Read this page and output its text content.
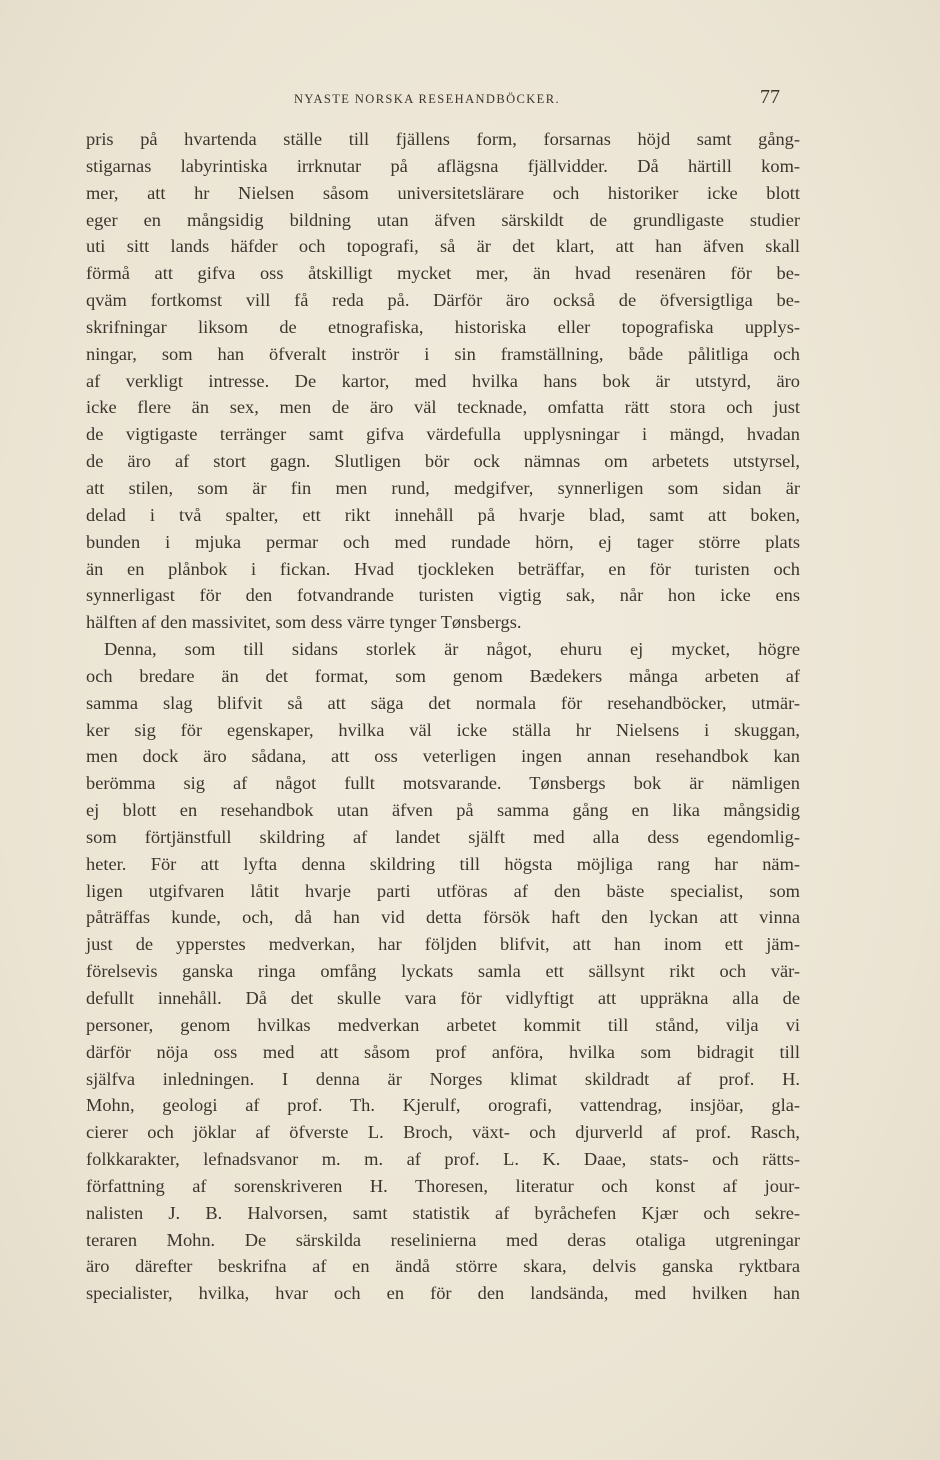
NYASTE NORSKA RESEHANDBÖCKER.	77
pris på hvartenda ställe till fjällens form, forsarnas höjd samt gång-
stigarnas labyrintiska irrknutar på aflägsna fjällvidder. Då härtill kom-
mer, att hr Nielsen såsom universitetslärare och historiker icke blott
eger en mångsidig bildning utan äfven särskildt de grundligaste studier
uti sitt lands häfder och topografi, så är det klart, att han äfven skall
förmå att gifva oss åtskilligt mycket mer, än hvad resenären för be-
qväm fortkomst vill få reda på. Därför äro också de öfversigtliga be-
skrifningar liksom de etnografiska, historiska eller topografiska upplys-
ningar, som han öfveralt inströr i sin framställning, både pålitliga och
af verkligt intresse. De kartor, med hvilka hans bok är utstyrd, äro
icke flere än sex, men de äro väl tecknade, omfatta rätt stora och just
de vigtigaste terränger samt gifva värdefulla upplysningar i mängd, hvadan
de äro af stort gagn. Slutligen bör ock nämnas om arbetets utstyrsel,
att stilen, som är fin men rund, medgifver, synnerligen som sidan är
delad i två spalter, ett rikt innehåll på hvarje blad, samt att boken,
bunden i mjuka permar och med rundade hörn, ej tager större plats
än en plånbok i fickan. Hvad tjockleken beträffar, en för turisten och
synnerligast för den fotvandrande turisten vigtig sak, når hon icke ens
hälften af den massivitet, som dess värre tynger Tønsbergs.
Denna, som till sidans storlek är något, ehuru ej mycket, högre
och bredare än det format, som genom Bædekers många arbeten af
samma slag blifvit så att säga det normala för resehandböcker, utmär-
ker sig för egenskaper, hvilka väl icke ställa hr Nielsens i skuggan,
men dock äro sådana, att oss veterligen ingen annan resehandbok kan
berömma sig af något fullt motsvarande. Tønsbergs bok är nämligen
ej blott en resehandbok utan äfven på samma gång en lika mångsidig
som förtjänstfull skildring af landet själft med alla dess egendomlig-
heter. För att lyfta denna skildring till högsta möjliga rang har näm-
ligen utgifvaren låtit hvarje parti utföras af den bäste specialist, som
påträffas kunde, och, då han vid detta försök haft den lyckan att vinna
just de ypperstes medverkan, har följden blifvit, att han inom ett jäm-
förelsevis ganska ringa omfång lyckats samla ett sällsynt rikt och vär-
defullt innehåll. Då det skulle vara för vidlyftigt att uppräkna alla de
personer, genom hvilkas medverkan arbetet kommit till stånd, vilja vi
därför nöja oss med att såsom prof anföra, hvilka som bidragit till
själfva inledningen. I denna är Norges klimat skildradt af prof. H.
Mohn, geologi af prof. Th. Kjerulf, orografi, vattendrag, insjöar, gla-
cierer och jöklar af öfverste L. Broch, växt- och djurverld af prof. Rasch,
folkkarakter, lefnadsvanor m. m. af prof. L. K. Daae, stats- och rätts-
författning af sorenskriveren H. Thoresen, literatur och konst af jour-
nalisten J. B. Halvorsen, samt statistik af byråchefen Kjær och sekre-
teraren Mohn. De särskilda reselinierna med deras otaliga utgreningar
äro därefter beskrifna af en ändå större skara, delvis ganska ryktbara
specialister, hvilka, hvar och en för den landsända, med hvilken han
